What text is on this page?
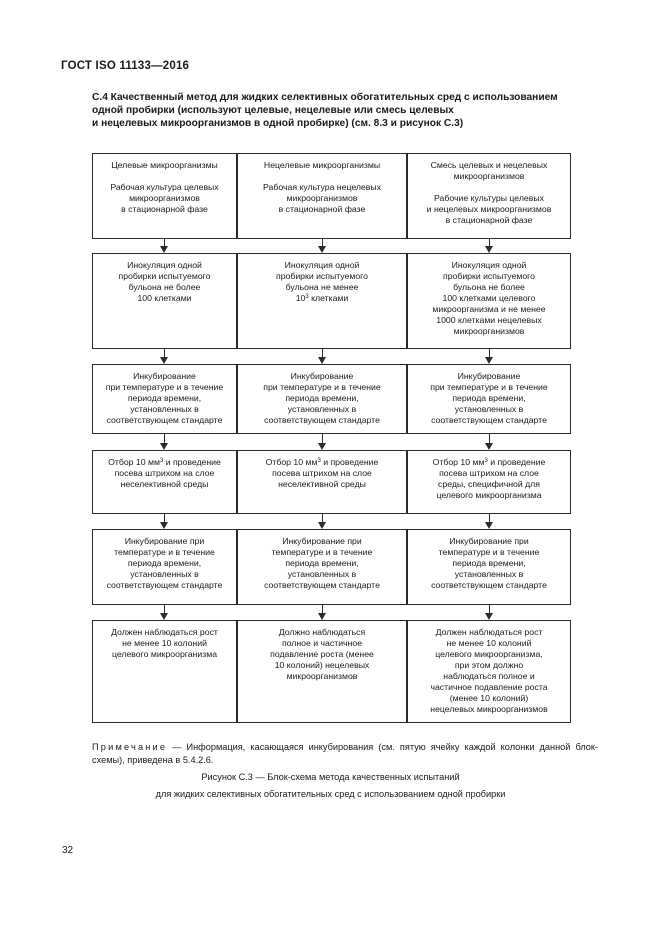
ГОСТ ISO 11133—2016
С.4 Качественный метод для жидких селективных обогатительных сред с использованием
одной пробирки (используют целевые, нецелевые или смесь целевых
и нецелевых микроорганизмов в одной пробирке) (см. 8.3 и рисунок С.3)
Целевые микроорганизмы
Рабочая культура целевых
микроорганизмов
в стационарной фазе
Инокуляция одной
пробирки испытуемого
бульона не более
100 клетками
Инкубирование
при температуре и в течение
периода времени,
установленных в
соответствующем стандарте
Отбор 10 $мм^3$ и проведение
посева штрихом на слое
неселективной среды
Инкубирование при
температуре и в течение
периода времени,
установленных в
соответствующем стандарте
Должен наблюдаться рост
не менее 10 колоний
целевого микроорганизма
Нецелевые микроорганизмы
Рабочая культура нецелевых
микроорганизмов
в стационарной фазе
Инокуляция одной
пробирки испытуемого
бульона не менее
$10^3$ клетками
Инкубирование
при температуре и в течение
периода времени,
установленных в
соответствующем стандарте
Отбор 10 $мм^3$ и проведение
посева штрихом на слое
неселективной среды
Инкубирование при
температуре и в течение
периода времени,
установленных в
соответствующем стандарте
Должно наблюдаться
полное и частичное
подавление роста (менее
10 колоний) нецелевых
микроорганизмов
Смесь целевых и нецелевых
микроорганизмов
Рабочие культуры целевых
и нецелевых микроорганизмов
в стационарной фазе
Инокуляция одной
пробирки испытуемого
бульона не более
100 клетками целевого
микроорганизма и не менее
1000 клетками нецелевых
микроорганизмов
Инкубирование
при температуре и в течение
периода времени,
установленных в
соответствующем стандарте
Отбор 10 $мм^3$ и проведение
посева штрихом на слое
среды, специфичной для
целевого микроорганизма
Инкубирование при
температуре и в течение
периода времени,
установленных в
соответствующем стандарте
Должен наблюдаться рост
не менее 10 колоний
целевого микроорганизма,
при этом должно
наблюдаться полное и
частичное подавление роста
(менее 10 колоний)
нецелевых микроорганизмов
Примечание — Информация, касающаяся инкубирования (см. пятую ячейку каждой колонки данной блок-схемы), приведена в 5.4.2.6.
Рисунок С.3 — Блок-схема метода качественных испытаний
для жидких селективных обогатительных сред с использованием одной пробирки
32
